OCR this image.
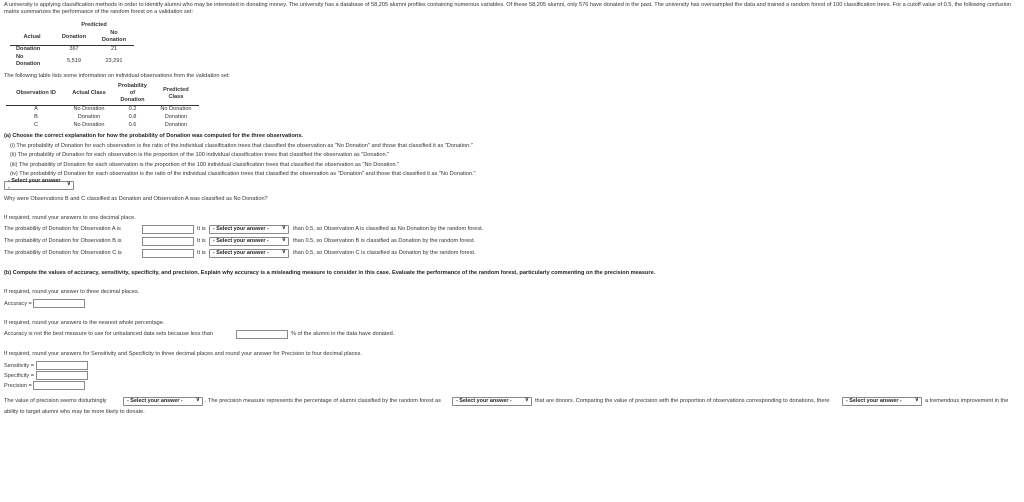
A university is applying classification methods in order to identify alumni who may be interested in donating money. The university has a database of 58,205 alumni profiles containing numerous variables. Of these 58,205 alumni, only 576 have donated in the past. The university has oversampled the data and trained a random forest of 100 classification trees. For a cutoff value of 0.5, the following confusion matrix summarizes the performance of the random forest on a validation set:

	Predicted	
Actual	Donation	No Donation
Donation	367	21
No Donation	5,519	23,291
The following table lists some information on individual observations from the validation set:
Observation ID	Actual Class	Probability of Donation	Predicted Class
A	No Donation	0.2	No Donation
B	Donation	0.8	Donation
C	No Donation	0.6	Donation
(a) Choose the correct explanation for how the probability of Donation was computed for the three observations.
(i) The probability of Donation for each observation is the ratio of the individual classification trees that classified the observation as "No Donation" and those that classified it as "Donation."
(ii) The probability of Donation for each observation is the proportion of the 100 individual classification trees that classified the observation as "Donation."
(iii) The probability of Donation for each observation is the proportion of the 100 individual classification trees that classified the observation as "No Donation."
(iv) The probability of Donation for each observation is the ratio of the individual classification trees that classified the observation as "Donation" and those that classified it as "No Donation."
- Select your answer -
∨
Why were Observations B and C classified as Donation and Observation A was classified as No Donation?
If required, round your answers to one decimal place.
The probability of Donation for Observation A is	It is - Select your answer - ∨ than 0.5, so Observation A is classified as No Donation by the random forest.
The probability of Donation for Observation B is	It is - Select your answer - ∨ than 0.5, so Observation B is classified as Donation by the random forest.
The probability of Donation for Observation C is	It is - Select your answer - ∨ than 0.5, so Observation C is classified as Donation by the random forest.
(b) Compute the values of accuracy, sensitivity, specificity, and precision. Explain why accuracy is a misleading measure to consider in this case. Evaluate the performance of the random forest, particularly commenting on the precision measure.
If required, round your answer to three decimal places.
Accuracy =
If required, round your answers to the nearest whole percentage.
Accuracy is not the best measure to use for unbalanced data sets because less than	% of the alumni in the data have donated.
If required, round your answers for Sensitivity and Specificity to three decimal places and round your answer for Precision to four decimal places.
Sensitivity =
Specificity =
Precision =
The value of precision seems disturbingly	- Select your answer - ∨ . The precision measure represents the percentage of alumni classified by the random forest as	- Select your answer - ∨ that are donors. Comparing the value of precision with the proportion of observations corresponding to donations, there	- Select your answer - ∨ a tremendous improvement in the
ability to target alumni who may be more likely to donate.
